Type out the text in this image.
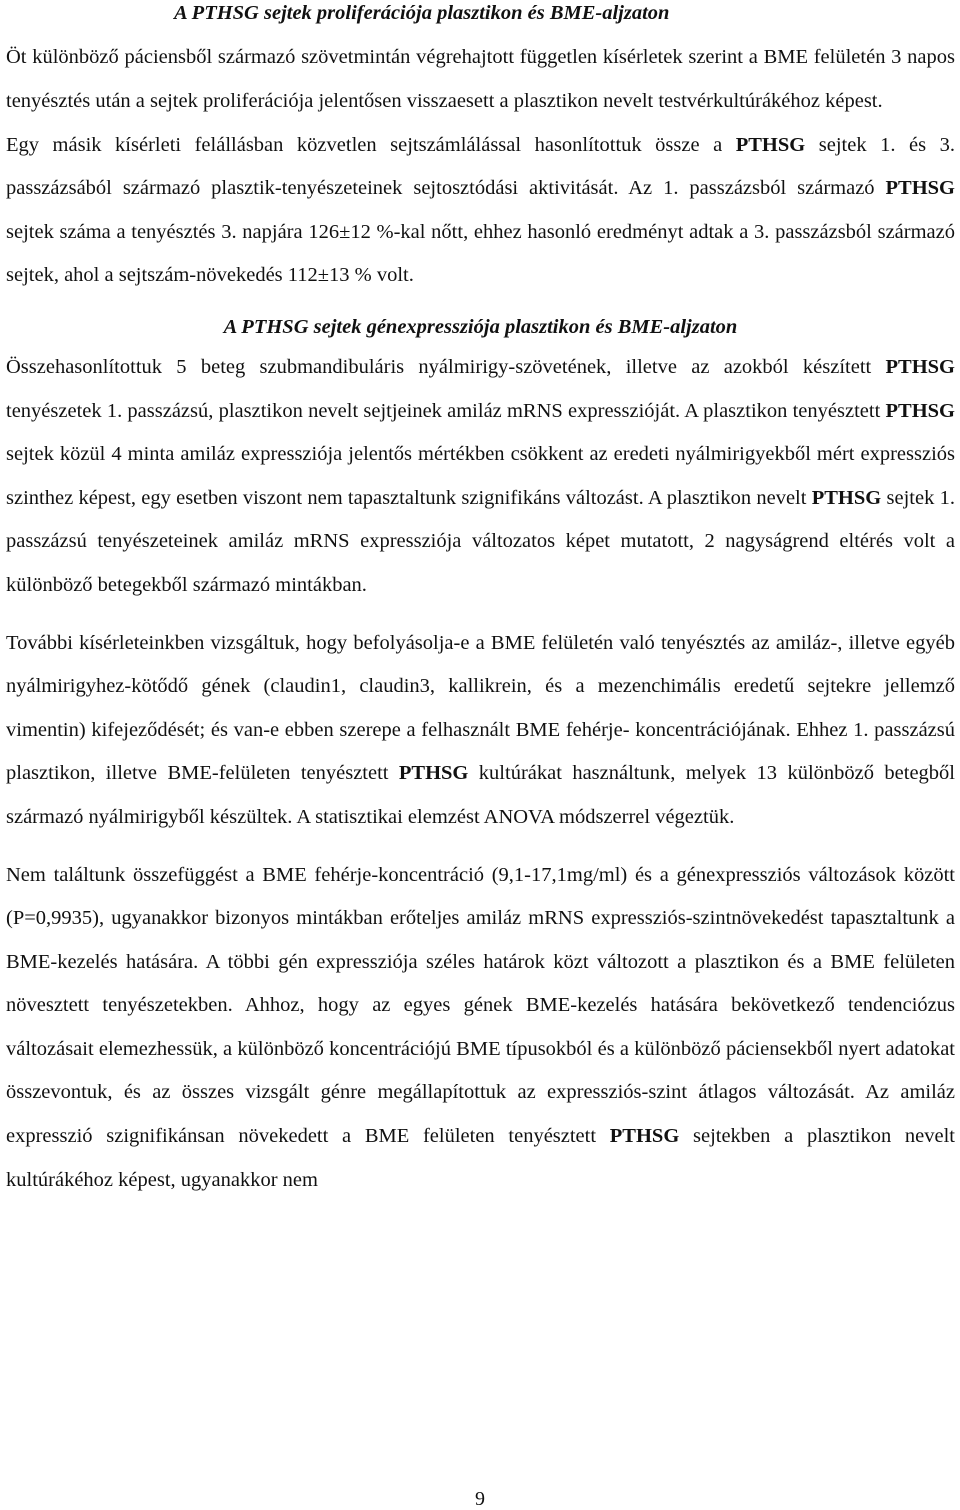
A PTHSG sejtek proliferációja plasztikon és BME-aljzaton

Öt különböző páciensből származó szövetmintán végrehajtott független kísérletek szerint a BME felületén 3 napos tenyésztés után a sejtek proliferációja jelentősen visszaesett a plasztikon nevelt testvérkultúrákéhoz képest.

Egy másik kísérleti felállásban közvetlen sejtszámlálással hasonlítottuk össze a PTHSG sejtek 1. és 3. passzázsából származó plasztik-tenyészeteinek sejtosztódási aktivitását. Az 1. passzázsból származó PTHSG sejtek száma a tenyésztés 3. napjára 126±12 %-kal nőtt, ehhez hasonló eredményt adtak a 3. passzázsból származó sejtek, ahol a sejtszám-növekedés 112±13 % volt.

A PTHSG sejtek génexpressziója plasztikon és BME-aljzaton

Összehasonlítottuk 5 beteg szubmandibuláris nyálmirigy-szövetének, illetve az azokból készített PTHSG tenyészetek 1. passzázsú, plasztikon nevelt sejtjeinek amiláz mRNS expresszióját. A plasztikon tenyésztett PTHSG sejtek közül 4 minta amiláz expressziója jelentős mértékben csökkent az eredeti nyálmirigyekből mért expressziós szinthez képest, egy esetben viszont nem tapasztaltunk szignifikáns változást. A plasztikon nevelt PTHSG sejtek 1. passzázsú tenyészeteinek amiláz mRNS expressziója változatos képet mutatott, 2 nagyságrend eltérés volt a különböző betegekből származó mintákban.

További kísérleteinkben vizsgáltuk, hogy befolyásolja-e a BME felületén való tenyésztés az amiláz-, illetve egyéb nyálmirigyhez-kötődő gének (claudin1, claudin3, kallikrein, és a mezenchimális eredetű sejtekre jellemző vimentin) kifejeződését; és van-e ebben szerepe a felhasznált BME fehérje- koncentrációjának. Ehhez 1. passzázsú plasztikon, illetve BME-felületen tenyésztett PTHSG kultúrákat használtunk, melyek 13 különböző betegből származó nyálmirigyből készültek. A statisztikai elemzést ANOVA módszerrel végeztük.

Nem találtunk összefüggést a BME fehérje-koncentráció (9,1-17,1mg/ml) és a génexpressziós változások között (P=0,9935), ugyanakkor bizonyos mintákban erőteljes amiláz mRNS expressziós-szintnövekedést tapasztaltunk a BME-kezelés hatására. A többi gén expressziója széles határok közt változott a plasztikon és a BME felületen növesztett tenyészetekben. Ahhoz, hogy az egyes gének BME-kezelés hatására bekövetkező tendenciózus változásait elemezhessük, a különböző koncentrációjú BME típusokból és a különböző páciensekből nyert adatokat összevontuk, és az összes vizsgált génre megállapítottuk az expressziós-szint átlagos változását. Az amiláz expresszió szignifikánsan növekedett a BME felületen tenyésztett PTHSG sejtekben a plasztikon nevelt kultúrákéhoz képest, ugyanakkor nem

9
